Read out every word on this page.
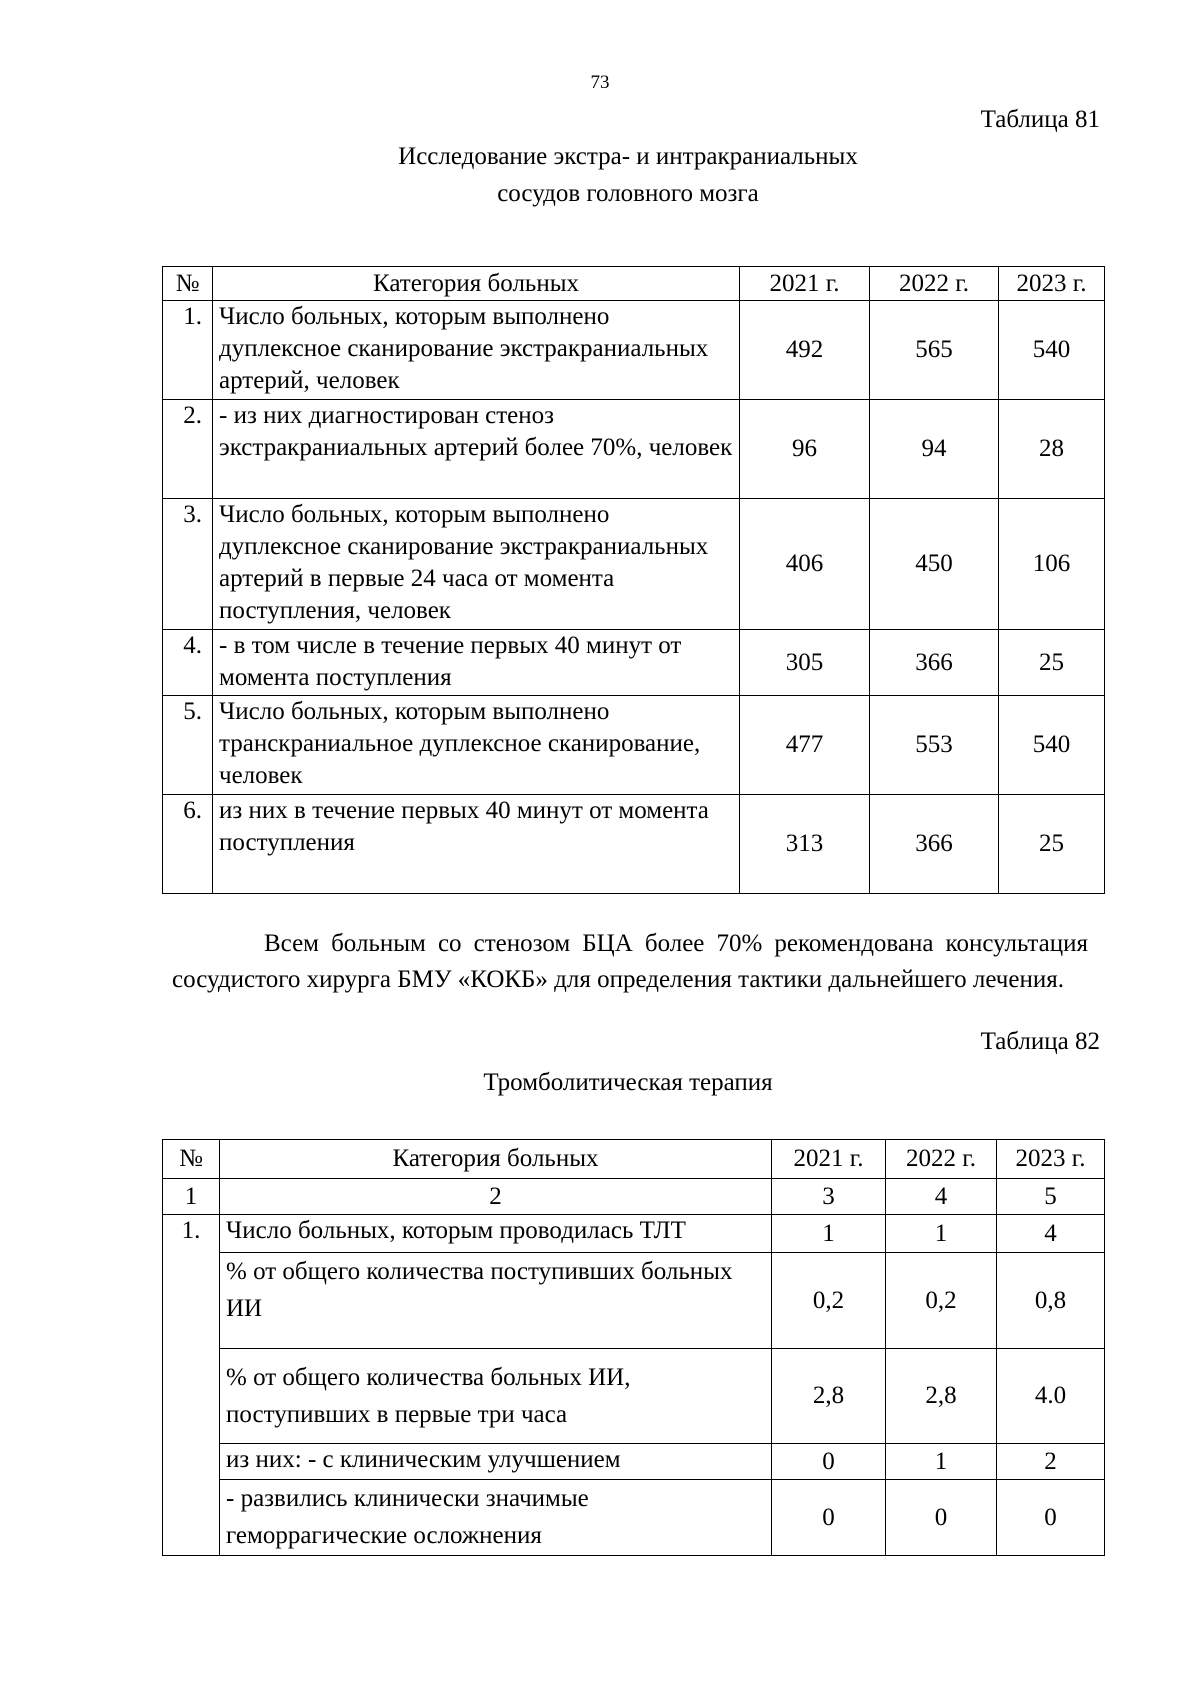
73
Таблица 81
Исследование экстра- и интракраниальных
сосудов головного мозга
№	Категория больных	2021 г.	2022 г.	2023 г.
1.	Число больных, которым выполнено дуплексное сканирование экстракраниальных артерий, человек	492	565	540
2.	- из них диагностирован стеноз экстракраниальных артерий более 70%, человек	96	94	28
3.	Число больных, которым выполнено дуплексное сканирование экстракраниальных артерий в первые 24 часа от момента поступления, человек	406	450	106
4.	- в том числе в течение первых 40 минут от момента поступления	305	366	25
5.	Число больных, которым выполнено транскраниальное дуплексное сканирование, человек	477	553	540
6.	из них в течение первых 40 минут от момента поступления	313	366	25
Всем больным со стенозом БЦА более 70% рекомендована консультация сосудистого хирурга БМУ «КОКБ» для определения тактики дальнейшего лечения.
Таблица 82
Тромболитическая терапия
№	Категория больных	2021 г.	2022 г.	2023 г.
1	2	3	4	5
1.	Число больных, которым проводилась ТЛТ	1	1	4
	% от общего количества поступивших больных ИИ	0,2	0,2	0,8
	% от общего количества больных ИИ, поступивших в первые три часа	2,8	2,8	4.0
	из них: - с клиническим улучшением	0	1	2
	- развились клинически значимые геморрагические осложнения	0	0	0
